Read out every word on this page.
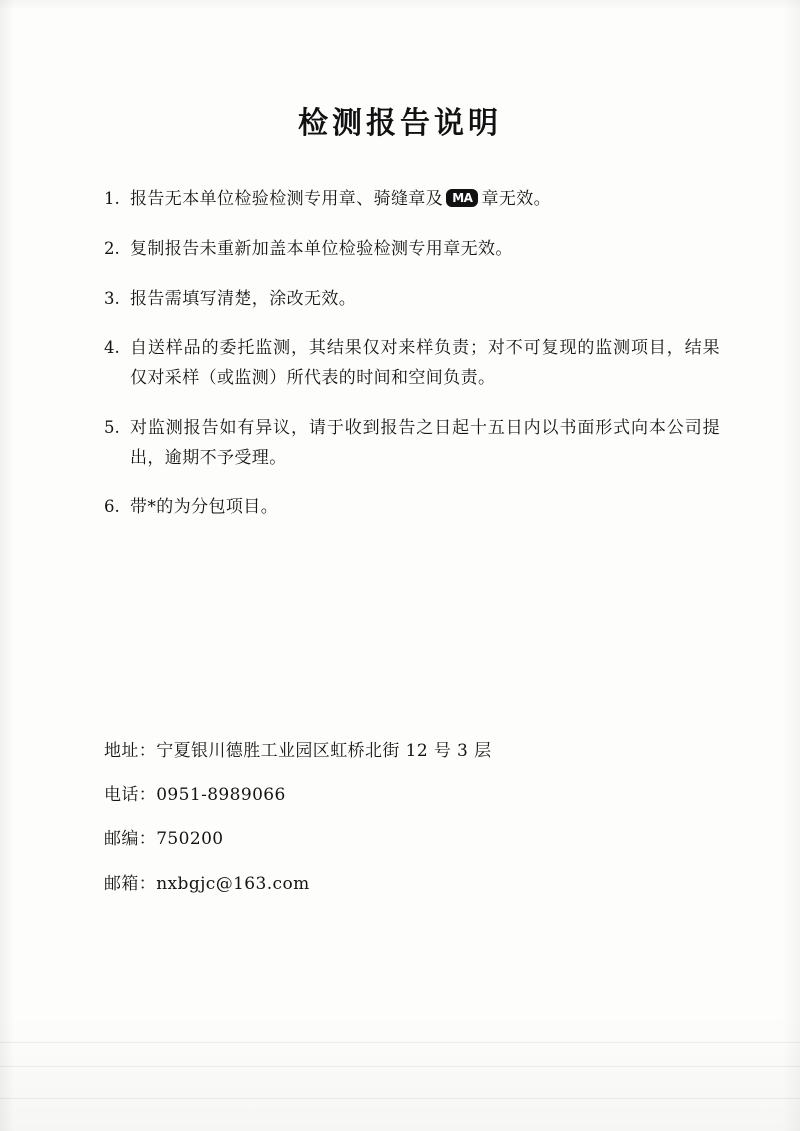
检测报告说明
1. 报告无本单位检验检测专用章、骑缝章及 MA 章无效。
2. 复制报告未重新加盖本单位检验检测专用章无效。
3. 报告需填写清楚，涂改无效。
4. 自送样品的委托监测，其结果仅对来样负责；对不可复现的监测项目，结果仅对采样（或监测）所代表的时间和空间负责。
5. 对监测报告如有异议，请于收到报告之日起十五日内以书面形式向本公司提出，逾期不予受理。
6. 带*的为分包项目。
地址：宁夏银川德胜工业园区虹桥北街 12 号 3 层
电话：0951-8989066
邮编：750200
邮箱：nxbgjc@163.com
